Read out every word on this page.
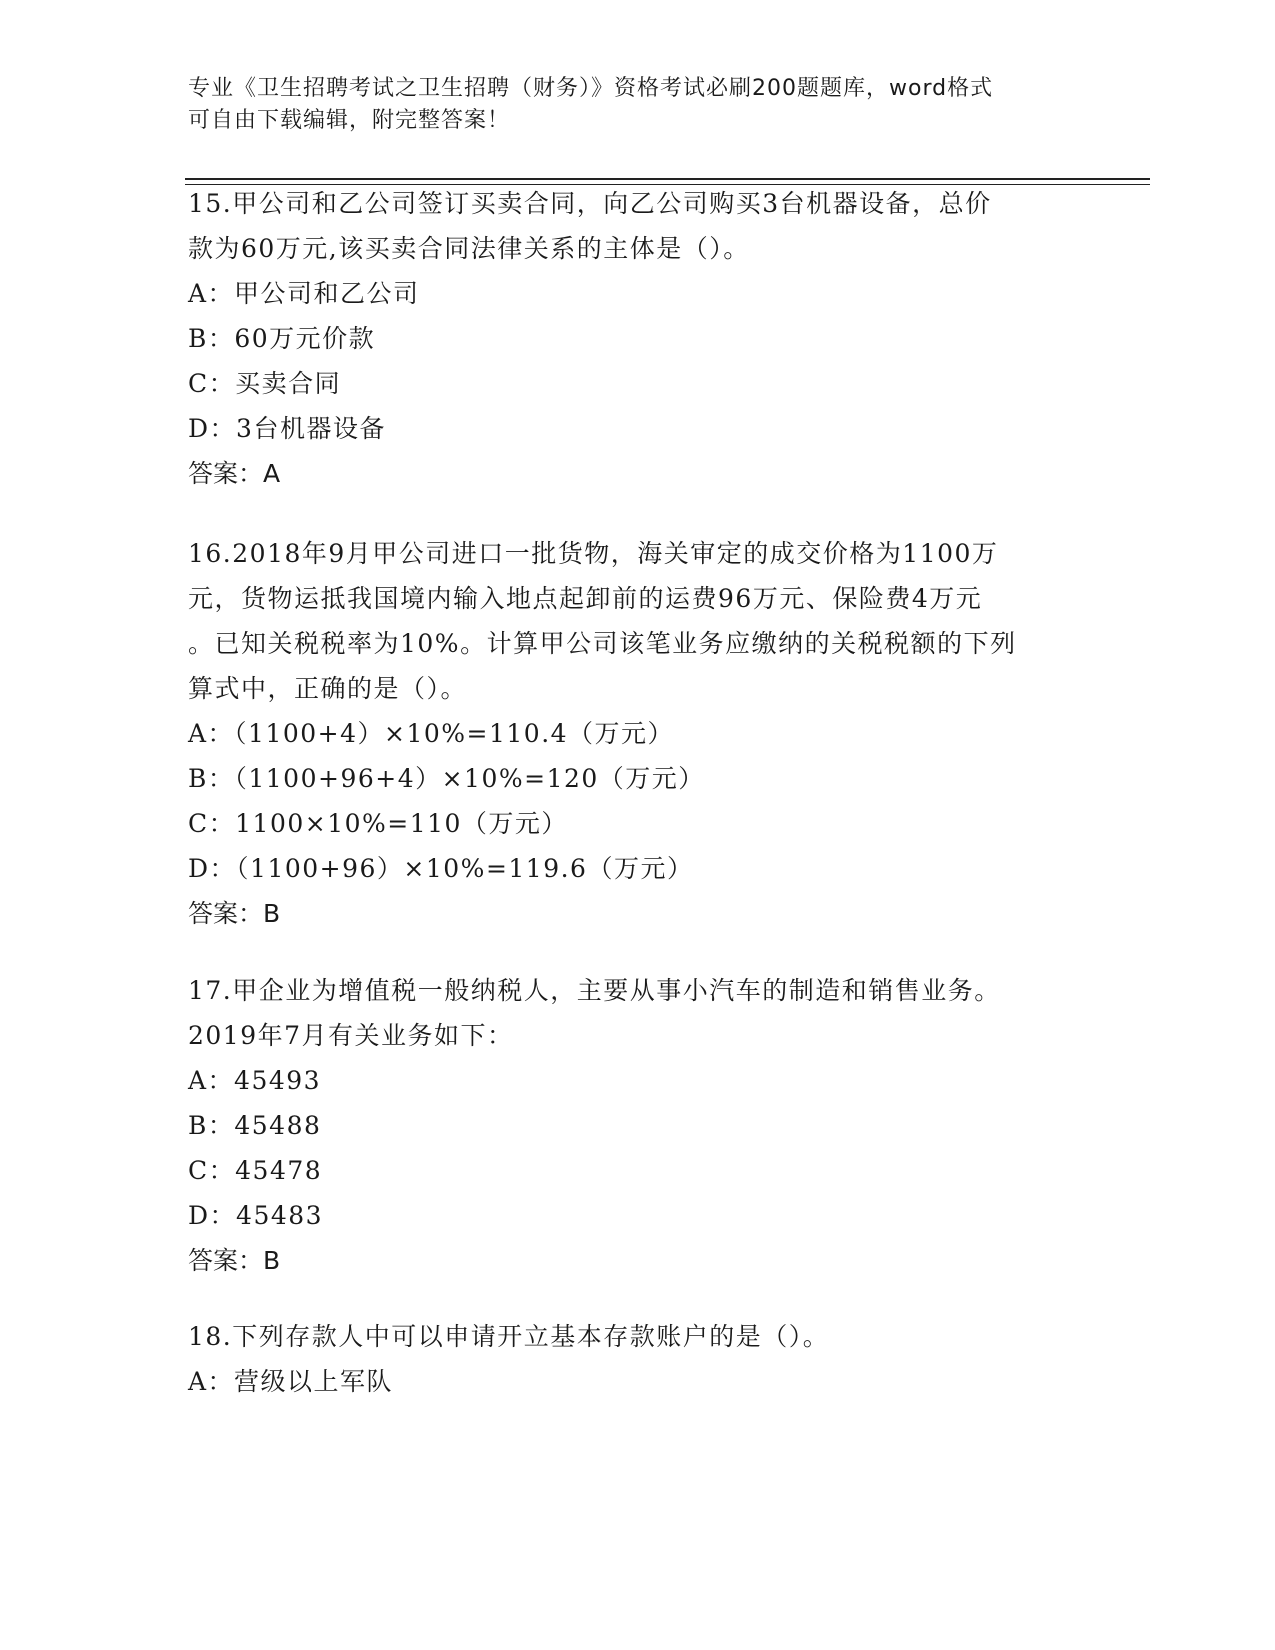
专业《卫生招聘考试之卫生招聘（财务）》资格考试必刷200题题库，word格式
可自由下载编辑，附完整答案！

15.甲公司和乙公司签订买卖合同，向乙公司购买3台机器设备，总价

款为60万元,该买卖合同法律关系的主体是（）。

A：甲公司和乙公司

B：60万元价款

C：买卖合同

D：3台机器设备

答案：A

16.2018年9月甲公司进口一批货物，海关审定的成交价格为1100万

元，货物运抵我国境内输入地点起卸前的运费96万元、保险费4万元

。已知关税税率为10%。计算甲公司该笔业务应缴纳的关税税额的下列

算式中，正确的是（）。

A：（1100+4）×10%=110.4（万元）

B：（1100+96+4）×10%=120（万元）

C：1100×10%=110（万元）

D：（1100+96）×10%=119.6（万元）

答案：B

17.甲企业为增值税一般纳税人，主要从事小汽车的制造和销售业务。

2019年7月有关业务如下：

A：45493

B：45488

C：45478

D：45483

答案：B

18.下列存款人中可以申请开立基本存款账户的是（）。

A：营级以上军队
